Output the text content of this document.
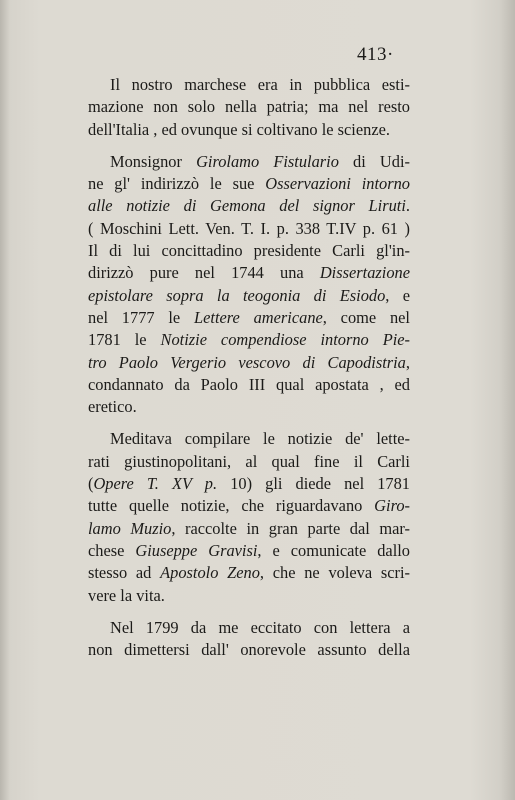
413·
Il nostro marchese era in pubblica esti-
mazione non solo nella patria; ma nel resto
dell'Italia , ed ovunque si coltivano le scienze.
Monsignor Girolamo Fistulario di Udi-
ne gl' indirizzò le sue Osservazioni intorno
alle notizie di Gemona del signor Liruti.
( Moschini Lett. Ven. T. I. p. 338 T.IV p. 61 )
Il di lui concittadino presidente Carli gl'in-
dirizzò pure nel 1744 una Dissertazione
epistolare sopra la teogonia di Esiodo, e
nel 1777 le Lettere americane, come nel
1781 le Notizie compendiose intorno Pie-
tro Paolo Vergerio vescovo di Capodistria,
condannato da Paolo III qual apostata , ed
eretico.
Meditava compilare le notizie de' lette-
rati giustinopolitani, al qual fine il Carli
(Opere T. XV p. 10) gli diede nel 1781
tutte quelle notizie, che riguardavano Giro-
lamo Muzio, raccolte in gran parte dal mar-
chese Giuseppe Gravisi, e comunicate dallo
stesso ad Apostolo Zeno, che ne voleva scri-
vere la vita.
Nel 1799 da me eccitato con lettera a
non dimettersi dall' onorevole assunto della
